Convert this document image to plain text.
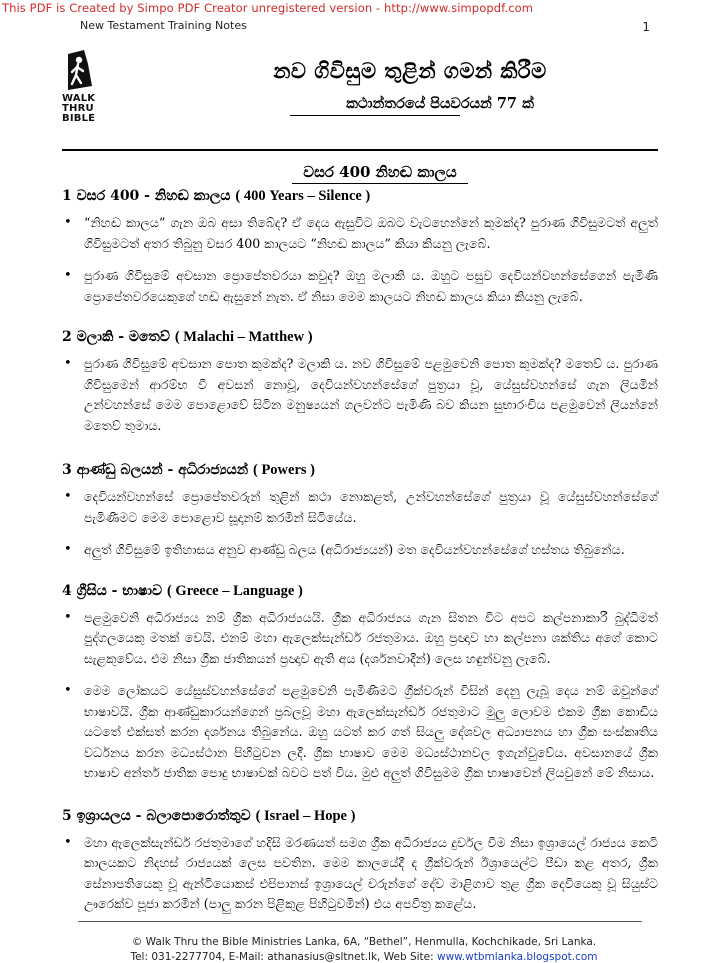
This PDF is Created by Simpo PDF Creator unregistered version - http://www.simpopdf.com
New Testament Training Notes	1
WALK
THRU
BIBLE
නව ගිවිසුම තුළින් ගමන් කිරීම
කථාන්තරයේ පියවරයන් 77 ක්
වසර 400 නිහඬ කාලය
1 වසර 400 - නිහඬ කාලය ( 400 Years – Silence )
• “නිහඬ කාලය” ගැන ඔබ අසා තිබේද? ඒ දෙය ඇසුවිට ඔබට වැටහෙන්නේ කුමක්ද? පුරාණ ගිවිසුමටත් අලුත් ගිවිසුමටත් අතර තිබුනු වසර 400 කාලයට “නිහඬ කාලය” කියා කියනු ලැබේ.
• පුරාණ ගිවිසුමේ අවසාන ප්‍රොපේතවරයා කවුද? ඔහු මලාකි ය. ඔහුට පසුව දෙවියන්වහන්සේගෙන් පැමිණි ප්‍රොපේතවරයෙකුගේ හඬ ඇසුනේ නැත. ඒ නිසා මෙම කාලයට නිහඬ කාලය කියා කියනු ලැබේ.
2 මලාකි - මතෙව් ( Malachi – Matthew )
• පුරාණ ගිවිසුමේ අවසාන පොත කුමක්ද? මලාකි ය. නව ගිවිසුමේ පළමුවෙනි පොත කුමක්ද? මතෙව් ය. පුරාණ ගිවිසුමෙන් ආරම්භ වී අවසන් නොවූ, දෙවියන්වහන්සේගේ පුත්‍රයා වූ, යේසුස්වහන්සේ ගැන ලියමින් උන්වහන්සේ මෙම පොළොවේ සිටින මනුෂ්‍යයන් ගලවන්ට පැමිණි බව කියන සුභාරංචිය පළමුවෙන් ලියන්නේ මතෙව් තුමාය.
3 ආණ්ඩු බලයන් - අධිරාජ්‍යයන් ( Powers )
• දෙවියන්වහන්සේ ප්‍රොපේතවරුන් තුළින් කථා නොකළත්, උන්වහන්සේගේ පුත්‍රයා වූ යේසුස්වහන්සේගේ පැමිණීමට මෙම පොළොව සූදානම් කරමින් සිටියේය.
• අලුත් ගිවිසුමේ ඉතිහාසය අනුව ආණ්ඩු බලය (අධිරාජ්‍යයන්) මත දෙවියන්වහන්සේගේ හස්තය තිබුනේය.
4 ග්‍රීසිය - භාෂාව ( Greece – Language )
• පළමුවෙනි අධිරාජ්‍යය නම් ග්‍රීක අධිරාජ්‍යයයි. ග්‍රීක අධිරාජ්‍යය ගැන සිතන විට අපට කල්පනාකාරී බුද්ධිමත් පුද්ගලයෙකු මතක් වෙයි. එනම් මහා ඇලෙක්සැන්ඩර් රජතුමාය. ඔහු ප්‍රඥාව හා කල්පනා ශක්තිය අගේ කොට සැළකුවේය. එම නිසා ග්‍රීක ජාතිකයන් ප්‍රඥාව ඇති අය (දර්ශනවාදීන්) ලෙස හඳුන්වනු ලැබේ.
• මෙම ලෝකයට යේසුස්වහන්සේගේ පළමුවෙනි පැමිණීමට ග්‍රීක්වරුන් විසින් දෙනු ලැබූ දෙය නම් ඔවුන්ගේ භාෂාවයි. ග්‍රීක ආණ්ඩුකාරයන්ගෙන් ප්‍රබලවූ මහා ඇලෙක්සැන්ඩර් රජතුමාට මුලු ලොවම එකම ග්‍රීක කොඩිය යටතේ එක්සත් කරන දර්ශනය තිබුනේය. ඔහු යටත් කර ගත් සියලු දේශවල අධ්‍යාපනය හා ග්‍රීක සංස්කෘතිය වර්ධනය කරන මධ්‍යස්ථාන පිහිටුවන ලදී. ග්‍රීක භාෂාව මෙම මධ්‍යස්ථානවල ඉගැන්වුවේය. අවසානයේ ග්‍රීක භාෂාව අන්තර් ජාතික පොදු භාෂාවක් බවට පත් විය. මුළු අලුත් ගිවිසුමම ග්‍රීක භාෂාවෙන් ලියවුනේ මේ නිසාය.
5 ඉශ්‍රායලය - බලාපොරොත්තුව ( Israel – Hope )
• මහා ඇලෙක්සැන්ඩර් රජතුමාගේ හදිසි මරණයත් සමග ග්‍රීක අධිරාජ්‍යය දුර්වල වීම නිසා ඉශ්‍රායෙල් රාජ්‍යය කෙටි කාලයකට නිදහස් රාජ්‍යයක් ලෙස පවතින. මෙම කාලයේදී ද ග්‍රීක්වරුන් ඊශ්‍රායෙල්ට පීඩා කළ අතර, ග්‍රීක සේනාපතියෙකු වූ ඇන්ටියොකස් එපිපානස් ඉශ්‍රායෙල් වරුන්ගේ දේව මාළිගාව තුළ ග්‍රීක දෙවියෙකු වූ සියුස්ට ඌරෙක්ව පූජා කරමින් (පාලු කරන පිළිකුළ පිහිටුවමින්) එය අපවිත්‍ර කළේය.
© Walk Thru the Bible Ministries Lanka, 6A, “Bethel”, Henmulla, Kochchikade, Sri Lanka.
Tel: 031-2277704, E-Mail: athanasius@sltnet.lk, Web Site: www.wtbmlanka.blogspot.com
